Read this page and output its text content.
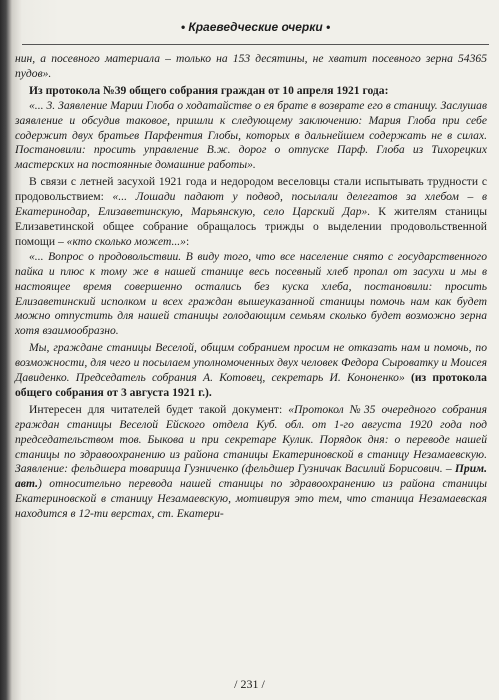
• Краеведческие очерки •

нин, а посевного материала – только на 153 десятины, не хватит посевного зерна 54365 пудов».

Из протокола №39 общего собрания граждан от 10 апреля 1921 года:

«... 3. Заявление Марии Глоба о ходатайстве о ея брате в возврате его в станицу. Заслушав заявление и обсудив таковое, пришли к следующему заключению: Мария Глоба при себе содержит двух братьев Парфентия Глобы, которых в дальнейшем содержать не в силах. Постановили: просить управление В.ж. дорог о отпуске Парф. Глоба из Тихорецких мастерских на постоянные домашние работы».

В связи с летней засухой 1921 года и недородом веселовцы стали испытывать трудности с продовольствием: «... Лошади падают у подвод, посылали делегатов за хлебом – в Екатеринодар, Елизаветинскую, Марьянскую, село Царский Дар». К жителям станицы Елизаветинской общее собрание обращалось трижды о выделении продовольственной помощи – «кто сколько может...»:

«... Вопрос о продовольствии. В виду того, что все население снято с государственного пайка и плюс к тому же в нашей станице весь посевный хлеб пропал от засухи и мы в настоящее время совершенно остались без куска хлеба, постановили: просить Елизаветинский исполком и всех граждан вышеуказанной станицы помочь нам как будет можно отпустить для нашей станицы голодающим семьям сколько будет возможно зерна хотя взаимообразно.

Мы, граждане станицы Веселой, общим собранием просим не отказать нам и помочь, по возможности, для чего и посылаем уполномоченных двух человек Федора Сыроватку и Моисея Давиденко. Председатель собрания А. Котовец, секретарь И. Кононенко» (из протокола общего собрания от 3 августа 1921 г.).

Интересен для читателей будет такой документ: «Протокол №35 очередного собрания граждан станицы Веселой Ейского отдела Куб. обл. от 1-го августа 1920 года под председательством тов. Быкова и при секретаре Кулик. Порядок дня: о переводе нашей станицы по здравоохранению из района станицы Екатериновской в станицу Незамаевскую. Заявление: фельдшера товарища Гузниченко (фельдшер Гузничак Василий Борисович. – Прим. авт.) относительно перевода нашей станицы по здравоохранению из района станицы Екатериновской в станицу Незамаевскую, мотивируя это тем, что станица Незамаевская находится в 12-ти верстах, ст. Екатери-

/ 231 /
